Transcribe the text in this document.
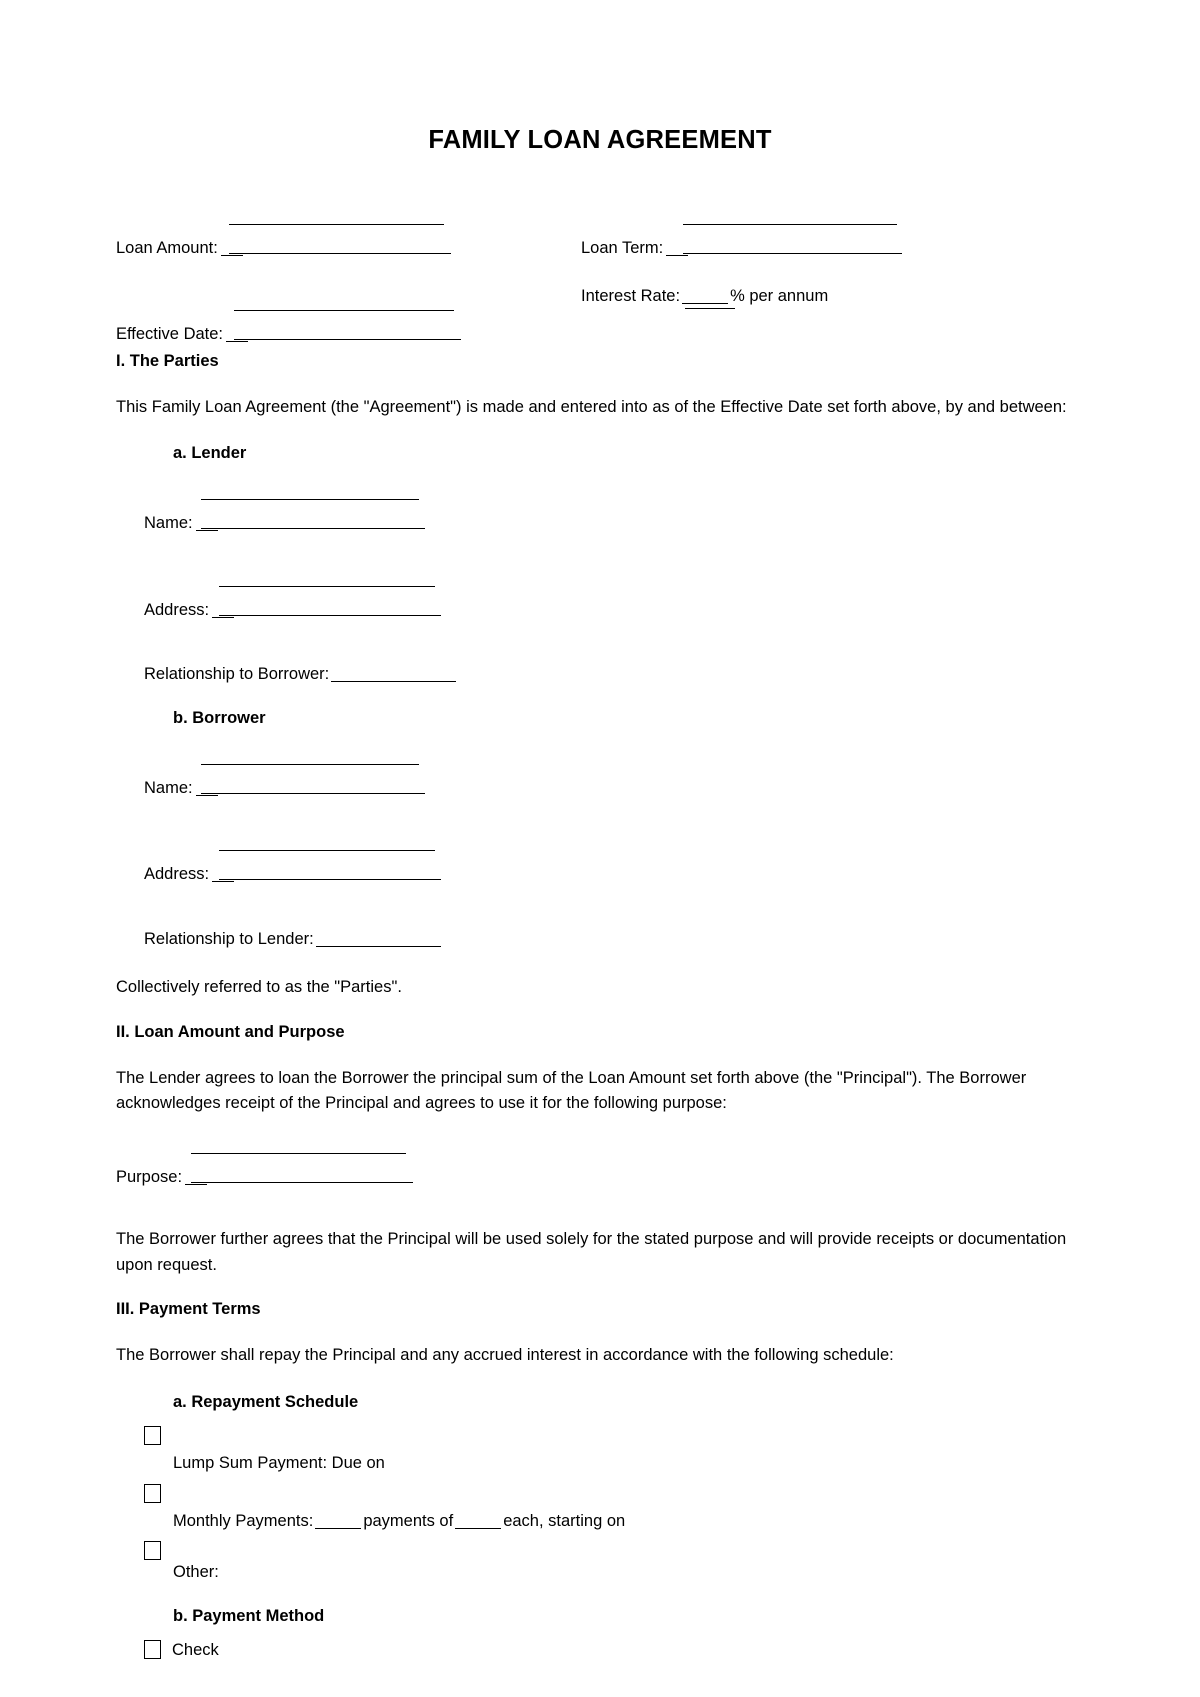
FAMILY LOAN AGREEMENT
Loan Amount:
Effective Date:
Loan Term:
Interest Rate:	% per annum
I. The Parties
This Family Loan Agreement (the "Agreement") is made and entered into as of the Effective Date set forth above, by and between:
a. Lender
Name:
Address:
Relationship to Borrower:
b. Borrower
Name:
Address:
Relationship to Lender:
Collectively referred to as the "Parties".
II. Loan Amount and Purpose
The Lender agrees to loan the Borrower the principal sum of the Loan Amount set forth above (the "Principal"). The Borrower acknowledges receipt of the Principal and agrees to use it for the following purpose:
Purpose:
The Borrower further agrees that the Principal will be used solely for the stated purpose and will provide receipts or documentation upon request.
III. Payment Terms
The Borrower shall repay the Principal and any accrued interest in accordance with the following schedule:
a. Repayment Schedule
Lump Sum Payment: Due on
Monthly Payments:	payments of	each, starting on
Other:
b. Payment Method
Check
